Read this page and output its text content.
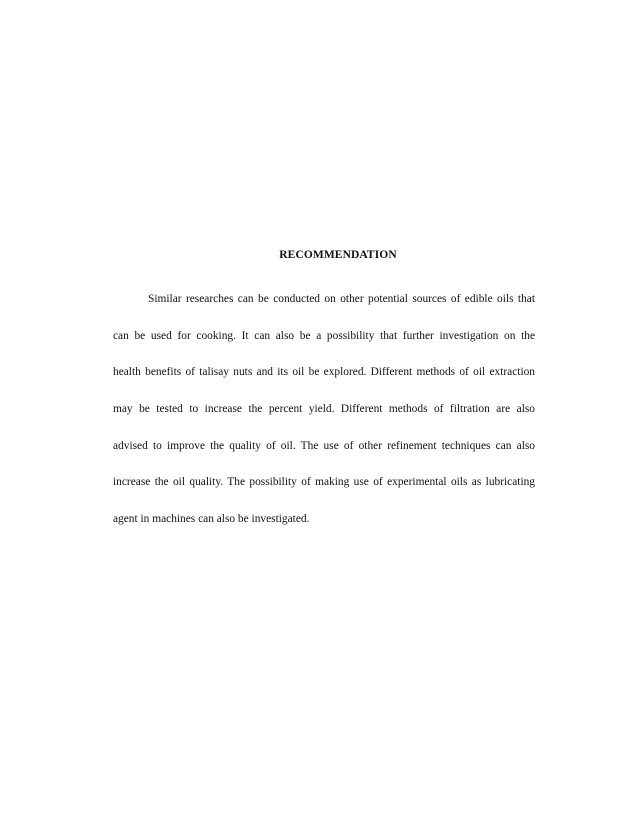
RECOMMENDATION
Similar researches can be conducted on other potential sources of edible oils that
can be used for cooking. It can also be a possibility that further investigation on the
health benefits of talisay nuts and its oil be explored. Different methods of oil extraction
may be tested to increase the percent yield. Different methods of filtration are also
advised to improve the quality of oil. The use of other refinement techniques can also
increase the oil quality. The possibility of making use of experimental oils as lubricating
agent in machines can also be investigated.
